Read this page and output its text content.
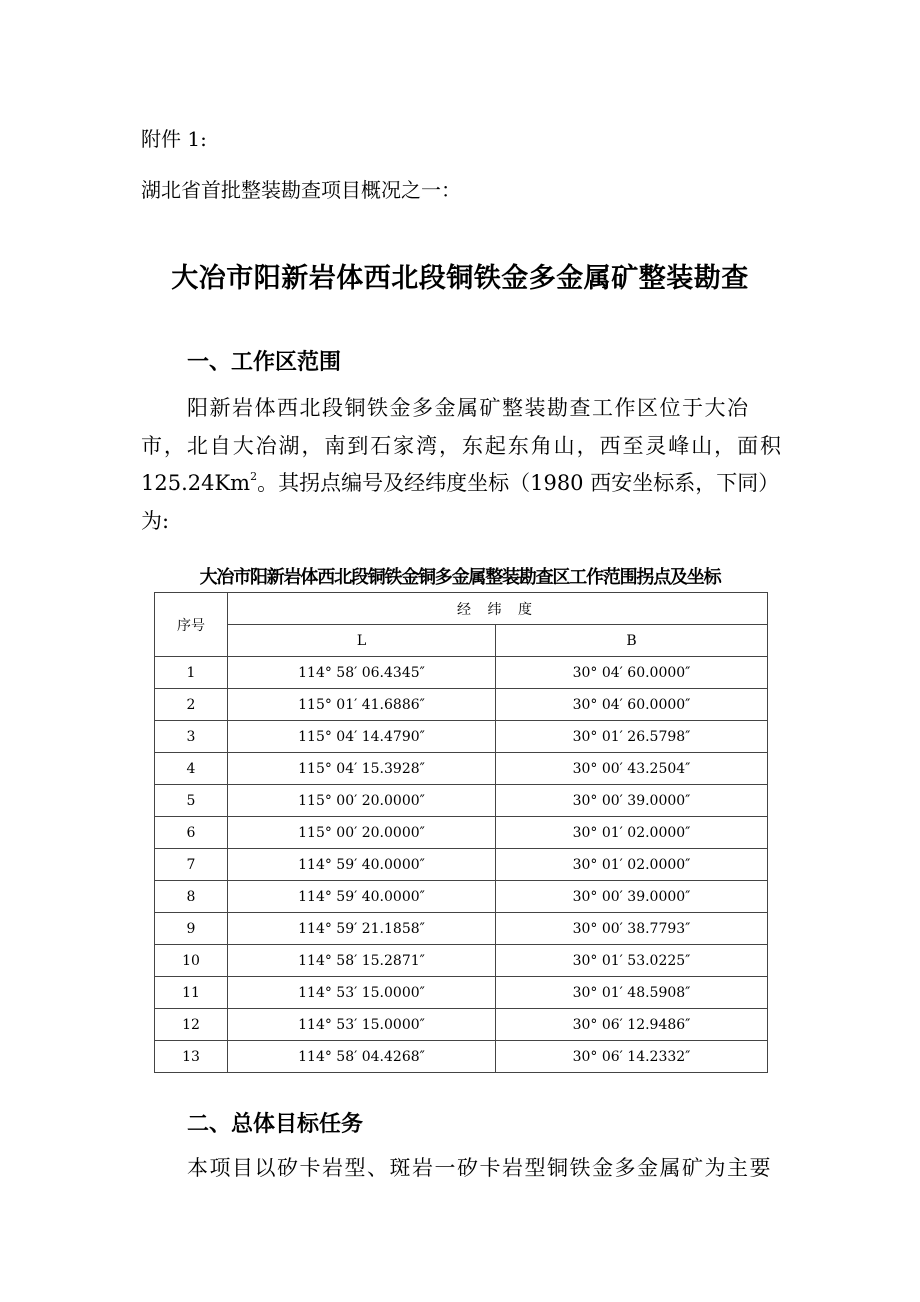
附件 1:
湖北省首批整装勘查项目概况之一：
大冶市阳新岩体西北段铜铁金多金属矿整装勘查
一、工作区范围
阳新岩体西北段铜铁金多金属矿整装勘查工作区位于大冶
市，北自大冶湖，南到石家湾，东起东角山，西至灵峰山，面积
125.24Km$^2$。其拐点编号及经纬度坐标（1980 西安坐标系，下同）
为:
大冶市阳新岩体西北段铜铁金铜多金属整装勘查区工作范围拐点及坐标
序号	经 纬 度	
	L	B
1	114° 58′ 06.4345″	30° 04′ 60.0000″
2	115° 01′ 41.6886″	30° 04′ 60.0000″
3	115° 04′ 14.4790″	30° 01′ 26.5798″
4	115° 04′ 15.3928″	30° 00′ 43.2504″
5	115° 00′ 20.0000″	30° 00′ 39.0000″
6	115° 00′ 20.0000″	30° 01′ 02.0000″
7	114° 59′ 40.0000″	30° 01′ 02.0000″
8	114° 59′ 40.0000″	30° 00′ 39.0000″
9	114° 59′ 21.1858″	30° 00′ 38.7793″
10	114° 58′ 15.2871″	30° 01′ 53.0225″
11	114° 53′ 15.0000″	30° 01′ 48.5908″
12	114° 53′ 15.0000″	30° 06′ 12.9486″
13	114° 58′ 04.4268″	30° 06′ 14.2332″
二、总体目标任务
本项目以矽卡岩型、斑岩一矽卡岩型铜铁金多金属矿为主要
